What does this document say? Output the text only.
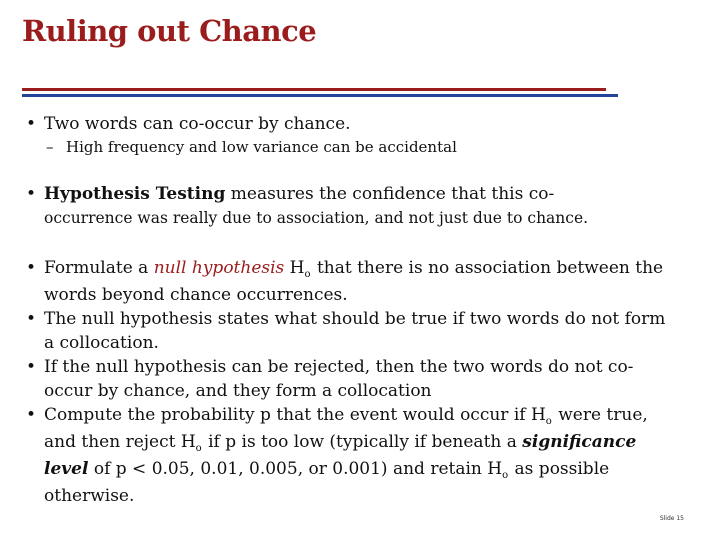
Ruling out Chance
• Two words can co-occur by chance.
– High frequency and low variance can be accidental
• Hypothesis Testing measures the confidence that this co-
occurrence was really due to association, and not just due to chance.
• Formulate a null hypothesis $H_o$ that there is no association between the words beyond chance occurrences.
• The null hypothesis states what should be true if two words do not form a collocation.
• If the null hypothesis can be rejected, then the two words do not co-occur by chance, and they form a collocation
• Compute the probability p that the event would occur if $H_o$ were true, and then reject $H_o$ if p is too low (typically if beneath a significance level of p < 0.05, 0.01, 0.005, or 0.001) and retain $H_o$ as possible otherwise.
Slide 15
